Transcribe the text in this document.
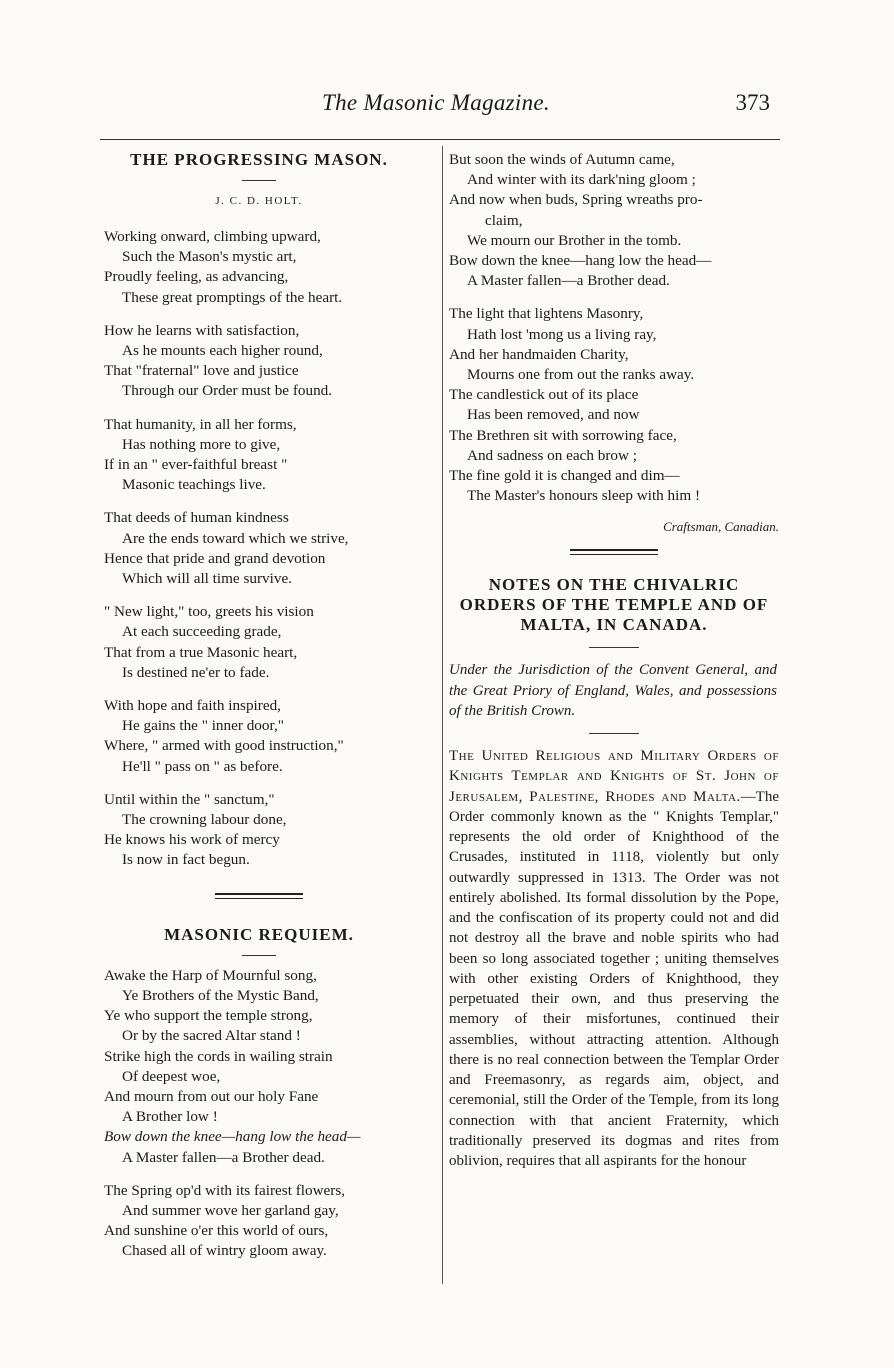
The Masonic Magazine.	373
THE PROGRESSING MASON.
J. C. D. HOLT.
Working onward, climbing upward,
Such the Mason's mystic art,
Proudly feeling, as advancing,
These great promptings of the heart.
How he learns with satisfaction,
As he mounts each higher round,
That "fraternal" love and justice
Through our Order must be found.
That humanity, in all her forms,
Has nothing more to give,
If in an " ever-faithful breast "
Masonic teachings live.
That deeds of human kindness
Are the ends toward which we strive,
Hence that pride and grand devotion
Which will all time survive.
" New light," too, greets his vision
At each succeeding grade,
That from a true Masonic heart,
Is destined ne'er to fade.
With hope and faith inspired,
He gains the " inner door,"
Where, " armed with good instruction,"
He'll " pass on " as before.
Until within the " sanctum,"
The crowning labour done,
He knows his work of mercy
Is now in fact begun.
MASONIC REQUIEM.
Awake the Harp of Mournful song,
Ye Brothers of the Mystic Band,
Ye who support the temple strong,
Or by the sacred Altar stand !
Strike high the cords in wailing strain
Of deepest woe,
And mourn from out our holy Fane
A Brother low !
Bow down the knee—hang low the head—
A Master fallen—a Brother dead.
The Spring op'd with its fairest flowers,
And summer wove her garland gay,
And sunshine o'er this world of ours,
Chased all of wintry gloom away.
But soon the winds of Autumn came,
And winter with its dark'ning gloom ;
And now when buds, Spring wreaths pro-
claim,
We mourn our Brother in the tomb.
Bow down the knee—hang low the head—
A Master fallen—a Brother dead.
The light that lightens Masonry,
Hath lost 'mong us a living ray,
And her handmaiden Charity,
Mourns one from out the ranks away.
The candlestick out of its place
Has been removed, and now
The Brethren sit with sorrowing face,
And sadness on each brow ;
The fine gold it is changed and dim—
The Master's honours sleep with him !
Craftsman, Canadian.
NOTES ON THE CHIVALRIC
ORDERS OF THE TEMPLE AND OF
MALTA, IN CANADA.

Under the Jurisdiction of the Convent General, and the Great Priory of England, Wales, and possessions of the British Crown.

The United Religious and Military Orders of Knights Templar and Knights of St. John of Jerusalem, Palestine, Rhodes and Malta.—The Order commonly known as the " Knights Templar," represents the old order of Knighthood of the Crusades, instituted in 1118, violently but only outwardly suppressed in 1313. The Order was not entirely abolished. Its formal dissolution by the Pope, and the confiscation of its property could not and did not destroy all the brave and noble spirits who had been so long associated together ; uniting themselves with other existing Orders of Knighthood, they perpetuated their own, and thus preserving the memory of their misfortunes, continued their assemblies, without attracting attention. Although there is no real connection between the Templar Order and Freemasonry, as regards aim, object, and ceremonial, still the Order of the Temple, from its long connection with that ancient Fraternity, which traditionally preserved its dogmas and rites from oblivion, requires that all aspirants for the honour
